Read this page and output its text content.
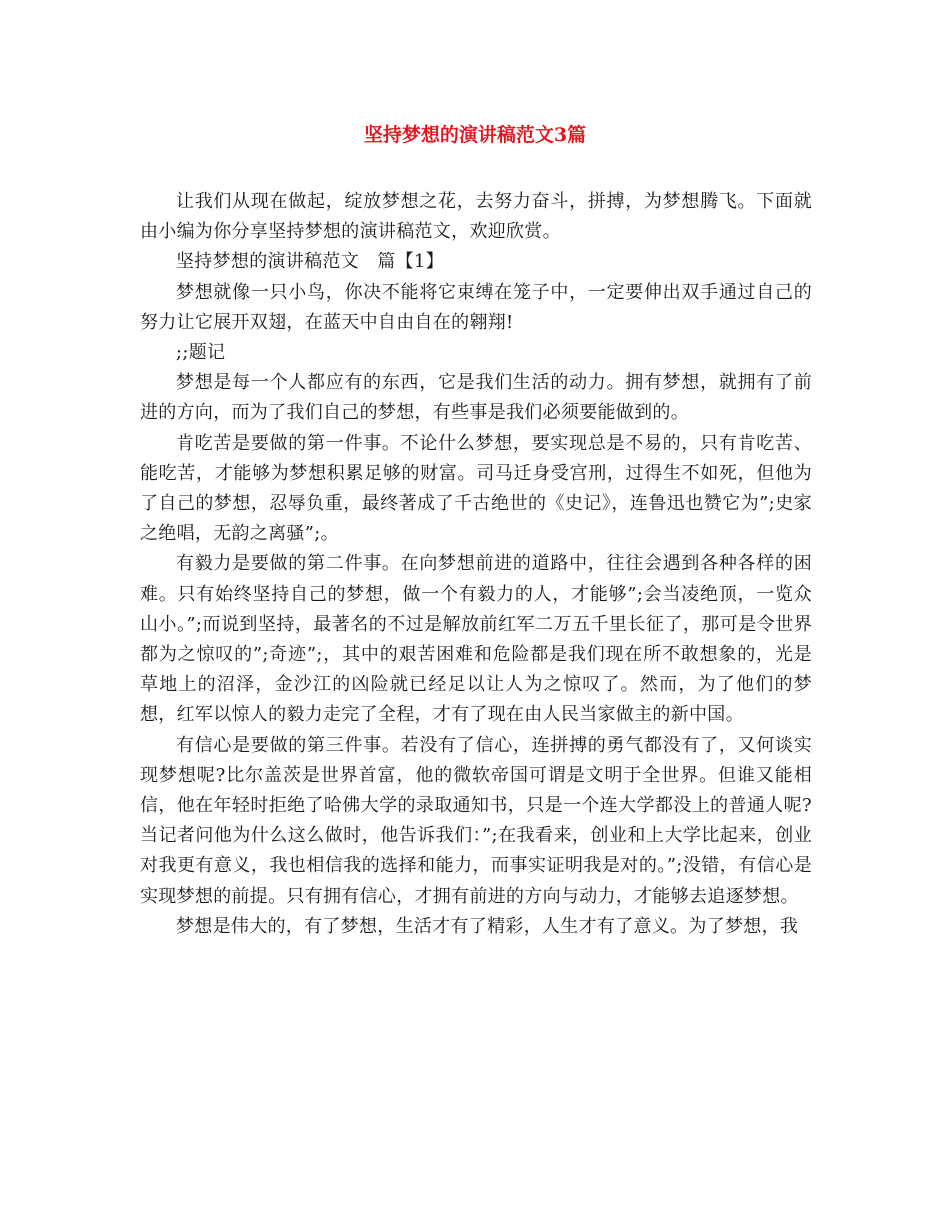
坚持梦想的演讲稿范文3篇

让我们从现在做起，绽放梦想之花，去努力奋斗，拼搏，为梦想腾飞。下面就由小编为你分享坚持梦想的演讲稿范文，欢迎欣赏。

坚持梦想的演讲稿范文　篇【1】

梦想就像一只小鸟，你决不能将它束缚在笼子中，一定要伸出双手通过自己的努力让它展开双翅，在蓝天中自由自在的翱翔!

;;题记

梦想是每一个人都应有的东西，它是我们生活的动力。拥有梦想，就拥有了前进的方向，而为了我们自己的梦想，有些事是我们必须要能做到的。

肯吃苦是要做的第一件事。不论什么梦想，要实现总是不易的，只有肯吃苦、能吃苦，才能够为梦想积累足够的财富。司马迁身受宫刑，过得生不如死，但他为了自己的梦想，忍辱负重，最终著成了千古绝世的《史记》，连鲁迅也赞它为”;史家之绝唱，无韵之离骚”;。

有毅力是要做的第二件事。在向梦想前进的道路中，往往会遇到各种各样的困难。只有始终坚持自己的梦想，做一个有毅力的人，才能够”;会当凌绝顶，一览众山小。”;而说到坚持，最著名的不过是解放前红军二万五千里长征了，那可是令世界都为之惊叹的”;奇迹”;，其中的艰苦困难和危险都是我们现在所不敢想象的，光是草地上的沼泽，金沙江的凶险就已经足以让人为之惊叹了。然而，为了他们的梦想，红军以惊人的毅力走完了全程，才有了现在由人民当家做主的新中国。

有信心是要做的第三件事。若没有了信心，连拼搏的勇气都没有了，又何谈实现梦想呢?比尔盖茨是世界首富，他的微软帝国可谓是文明于全世界。但谁又能相信，他在年轻时拒绝了哈佛大学的录取通知书，只是一个连大学都没上的普通人呢?当记者问他为什么这么做时，他告诉我们：”;在我看来，创业和上大学比起来，创业对我更有意义，我也相信我的选择和能力，而事实证明我是对的。”;没错，有信心是实现梦想的前提。只有拥有信心，才拥有前进的方向与动力，才能够去追逐梦想。

梦想是伟大的，有了梦想，生活才有了精彩，人生才有了意义。为了梦想，我
